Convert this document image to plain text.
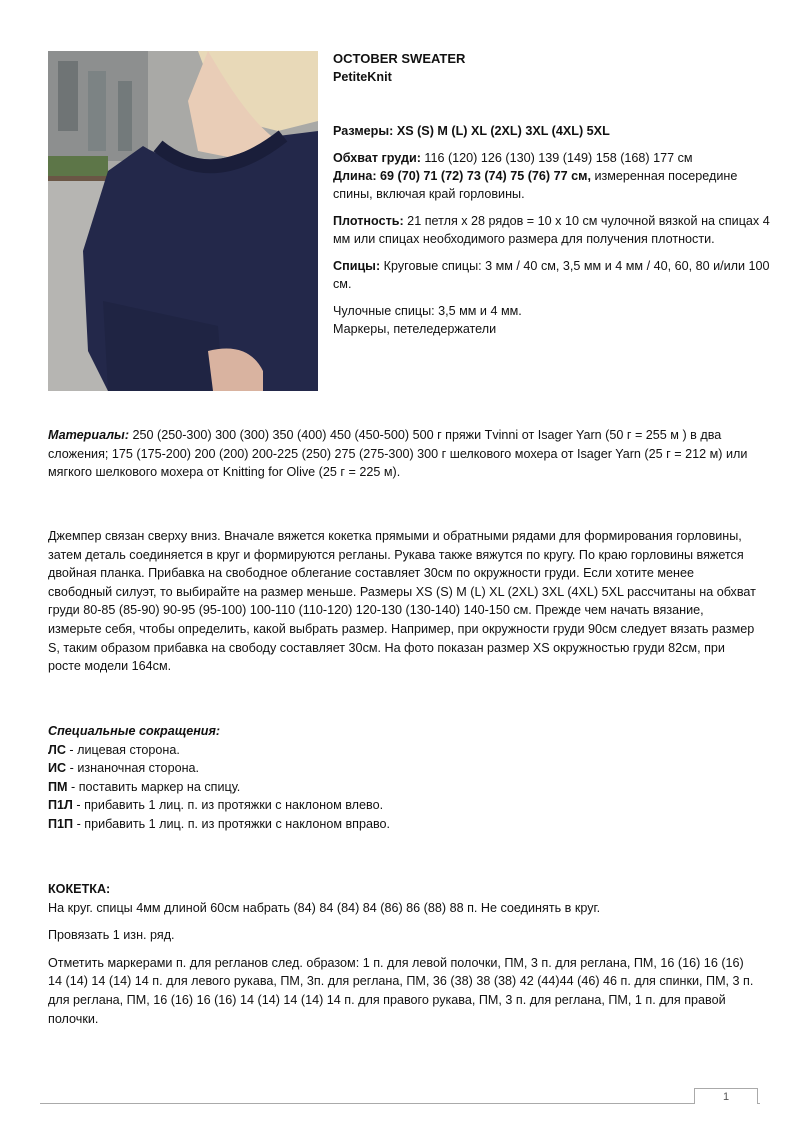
OCTOBER SWEATER

PetiteKnit

Размеры: XS (S) M (L) XL (2XL) 3XL (4XL) 5XL

Обхват груди: 116 (120) 126 (130) 139 (149) 158 (168) 177 см

Длина: 69 (70) 71 (72) 73 (74) 75 (76) 77 см, измеренная посередине спины, включая край горловины.

Плотность: 21 петля х 28 рядов = 10 х 10 см чулочной вязкой на спицах 4 мм или спицах необходимого размера для получения плотности.

Спицы: Круговые спицы: 3 мм / 40 см, 3,5 мм и 4 мм / 40, 60, 80 и/или 100 см.

Чулочные спицы: 3,5 мм и 4 мм.

Маркеры, петеледержатели

Материалы: 250 (250-300) 300 (300) 350 (400) 450 (450-500) 500 г пряжи Tvinni от Isager Yarn (50 г = 255 м ) в два сложения; 175 (175-200) 200 (200) 200-225 (250) 275 (275-300) 300 г шелкового мохера от Isager Yarn (25 г = 212 м) или мягкого шелкового мохера от Knitting for Olive (25 г = 225 м).

Джемпер связан сверху вниз. Вначале вяжется кокетка прямыми и обратными рядами для формирования горловины, затем деталь соединяется в круг и формируются регланы. Рукава также вяжутся по кругу. По краю горловины вяжется двойная планка. Прибавка на свободное облегание составляет 30см по окружности груди. Если хотите менее свободный силуэт, то выбирайте на размер меньше. Размеры XS (S) M (L) XL (2XL) 3XL (4XL) 5XL рассчитаны на обхват груди 80-85 (85-90) 90-95 (95-100) 100-110 (110-120) 120-130 (130-140) 140-150 см. Прежде чем начать вязание, измерьте себя, чтобы определить, какой выбрать размер. Например, при окружности груди 90см следует вязать размер S, таким образом прибавка на свободу составляет 30см. На фото показан размер XS окружностью груди 82см, при росте модели 164см.

Специальные сокращения:

ЛС - лицевая сторона.

ИС - изнаночная сторона.

ПМ - поставить маркер на спицу.

П1Л - прибавить 1 лиц. п. из протяжки с наклоном влево.

П1П - прибавить 1 лиц. п. из протяжки с наклоном вправо.

КОКЕТКА:

На круг. спицы 4мм длиной 60см набрать (84) 84 (84) 84 (86) 86 (88) 88 п. Не соединять в круг.

Провязать 1 изн. ряд.

Отметить маркерами п. для регланов след. образом: 1 п. для левой полочки, ПМ, 3 п. для реглана, ПМ, 16 (16) 16 (16) 14 (14) 14 (14) 14 п. для левого рукава, ПМ, 3п. для реглана, ПМ, 36 (38) 38 (38) 42 (44)44 (46) 46 п. для спинки, ПМ, 3 п. для реглана, ПМ, 16 (16) 16 (16) 14 (14) 14 (14) 14 п. для правого рукава, ПМ, 3 п. для реглана, ПМ, 1 п. для правой полочки.

1
